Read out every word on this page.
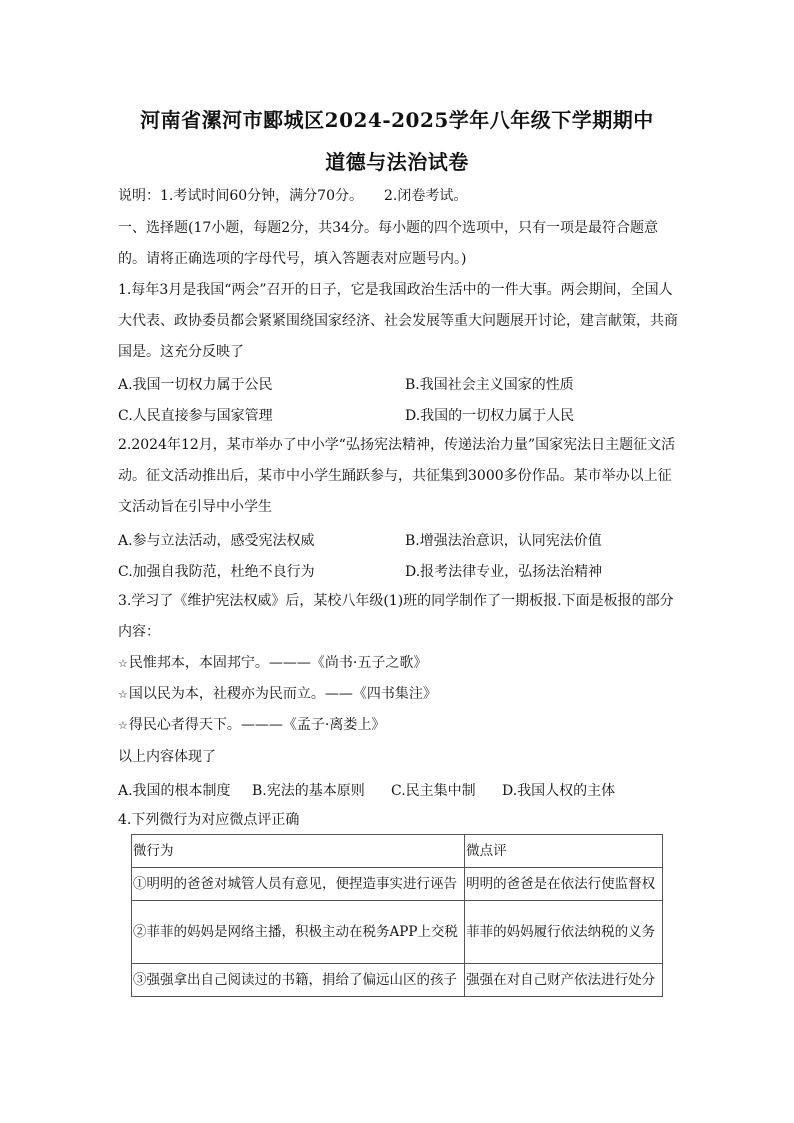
河南省漯河市郾城区2024-2025学年八年级下学期期中
道德与法治试卷
说明：1.考试时间60分钟，满分70分。　　2.闭卷考试。
一、选择题(17小题，每题2分，共34分。每小题的四个选项中，只有一项是最符合题意
的。请将正确选项的字母代号，填入答题表对应题号内。)
1.每年3月是我国“两会”召开的日子，它是我国政治生活中的一件大事。两会期间，全国人
大代表、政协委员都会紧紧围绕国家经济、社会发展等重大问题展开讨论，建言献策，共商
国是。这充分反映了
A.我国一切权力属于公民	B.我国社会主义国家的性质
C.人民直接参与国家管理	D.我国的一切权力属于人民
2.2024年12月，某市举办了中小学“弘扬宪法精神，传递法治力量”国家宪法日主题征文活
动。征文活动推出后，某市中小学生踊跃参与，共征集到3000多份作品。某市举办以上征
文活动旨在引导中小学生
A.参与立法活动，感受宪法权威	B.增强法治意识，认同宪法价值
C.加强自我防范，杜绝不良行为	D.报考法律专业，弘扬法治精神
3.学习了《维护宪法权威》后，某校八年级(1)班的同学制作了一期板报.下面是板报的部分
内容：
☆民惟邦本，本固邦宁。———《尚书·五子之歌》
☆国以民为本，社稷亦为民而立。——《四书集注》
☆得民心者得天下。———《孟子·离娄上》
以上内容体现了
A.我国的根本制度 B.宪法的基本原则 C.民主集中制 D.我国人权的主体
4.下列微行为对应微点评正确
微行为	微点评
①明明的爸爸对城管人员有意见，便捏造事实进行诬告	明明的爸爸是在依法行使监督权
②菲菲的妈妈是网络主播，积极主动在税务APP上交税	菲菲的妈妈履行依法纳税的义务
③强强拿出自己阅读过的书籍，捐给了偏远山区的孩子	强强在对自己财产依法进行处分
